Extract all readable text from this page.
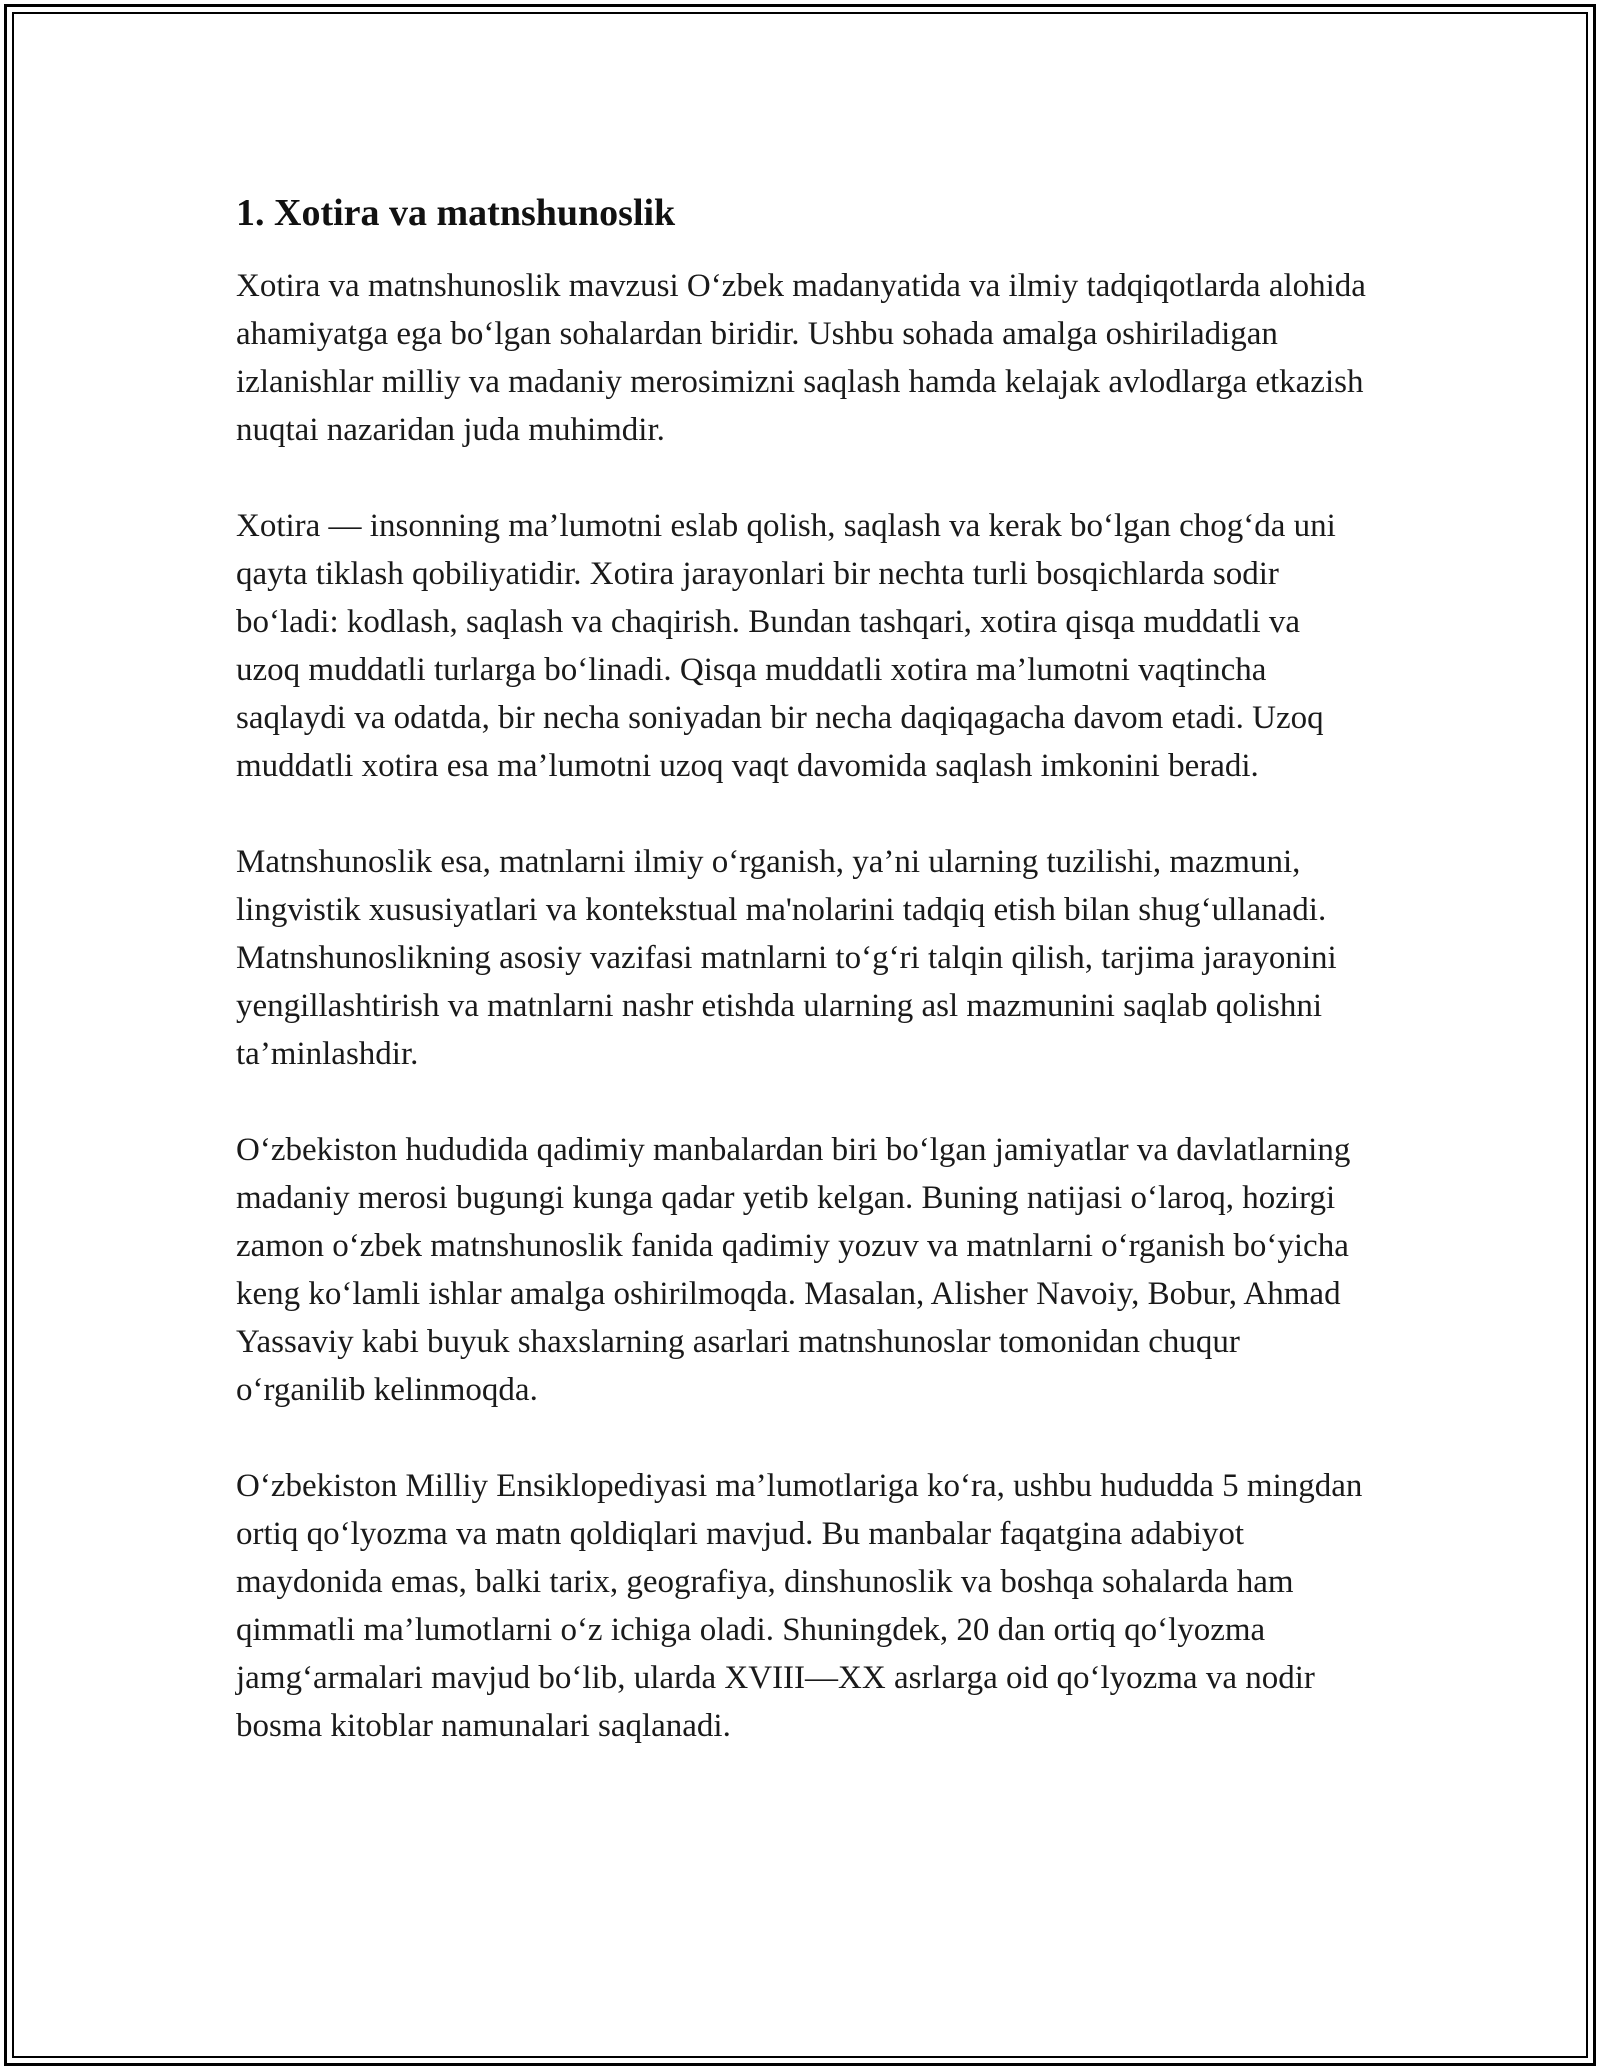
1. Xotira va matnshunoslik

Xotira va matnshunoslik mavzusi O‘zbek madanyatida va ilmiy tadqiqotlarda alohida ahamiyatga ega bo‘lgan sohalardan biridir. Ushbu sohada amalga oshiriladigan izlanishlar milliy va madaniy merosimizni saqlash hamda kelajak avlodlarga etkazish nuqtai nazaridan juda muhimdir.

Xotira — insonning ma’lumotni eslab qolish, saqlash va kerak bo‘lgan chog‘da uni qayta tiklash qobiliyatidir. Xotira jarayonlari bir nechta turli bosqichlarda sodir bo‘ladi: kodlash, saqlash va chaqirish. Bundan tashqari, xotira qisqa muddatli va uzoq muddatli turlarga bo‘linadi. Qisqa muddatli xotira ma’lumotni vaqtincha saqlaydi va odatda, bir necha soniyadan bir necha daqiqagacha davom etadi. Uzoq muddatli xotira esa ma’lumotni uzoq vaqt davomida saqlash imkonini beradi.

Matnshunoslik esa, matnlarni ilmiy o‘rganish, ya’ni ularning tuzilishi, mazmuni, lingvistik xususiyatlari va kontekstual ma'nolarini tadqiq etish bilan shug‘ullanadi. Matnshunoslikning asosiy vazifasi matnlarni to‘g‘ri talqin qilish, tarjima jarayonini yengillashtirish va matnlarni nashr etishda ularning asl mazmunini saqlab qolishni ta’minlashdir.

O‘zbekiston hududida qadimiy manbalardan biri bo‘lgan jamiyatlar va davlatlarning madaniy merosi bugungi kunga qadar yetib kelgan. Buning natijasi o‘laroq, hozirgi zamon o‘zbek matnshunoslik fanida qadimiy yozuv va matnlarni o‘rganish bo‘yicha keng ko‘lamli ishlar amalga oshirilmoqda. Masalan, Alisher Navoiy, Bobur, Ahmad Yassaviy kabi buyuk shaxslarning asarlari matnshunoslar tomonidan chuqur o‘rganilib kelinmoqda.

O‘zbekiston Milliy Ensiklopediyasi ma’lumotlariga ko‘ra, ushbu hududda 5 mingdan ortiq qo‘lyozma va matn qoldiqlari mavjud. Bu manbalar faqatgina adabiyot maydonida emas, balki tarix, geografiya, dinshunoslik va boshqa sohalarda ham qimmatli ma’lumotlarni o‘z ichiga oladi. Shuningdek, 20 dan ortiq qo‘lyozma jamg‘armalari mavjud bo‘lib, ularda XVIII—XX asrlarga oid qo‘lyozma va nodir bosma kitoblar namunalari saqlanadi.
